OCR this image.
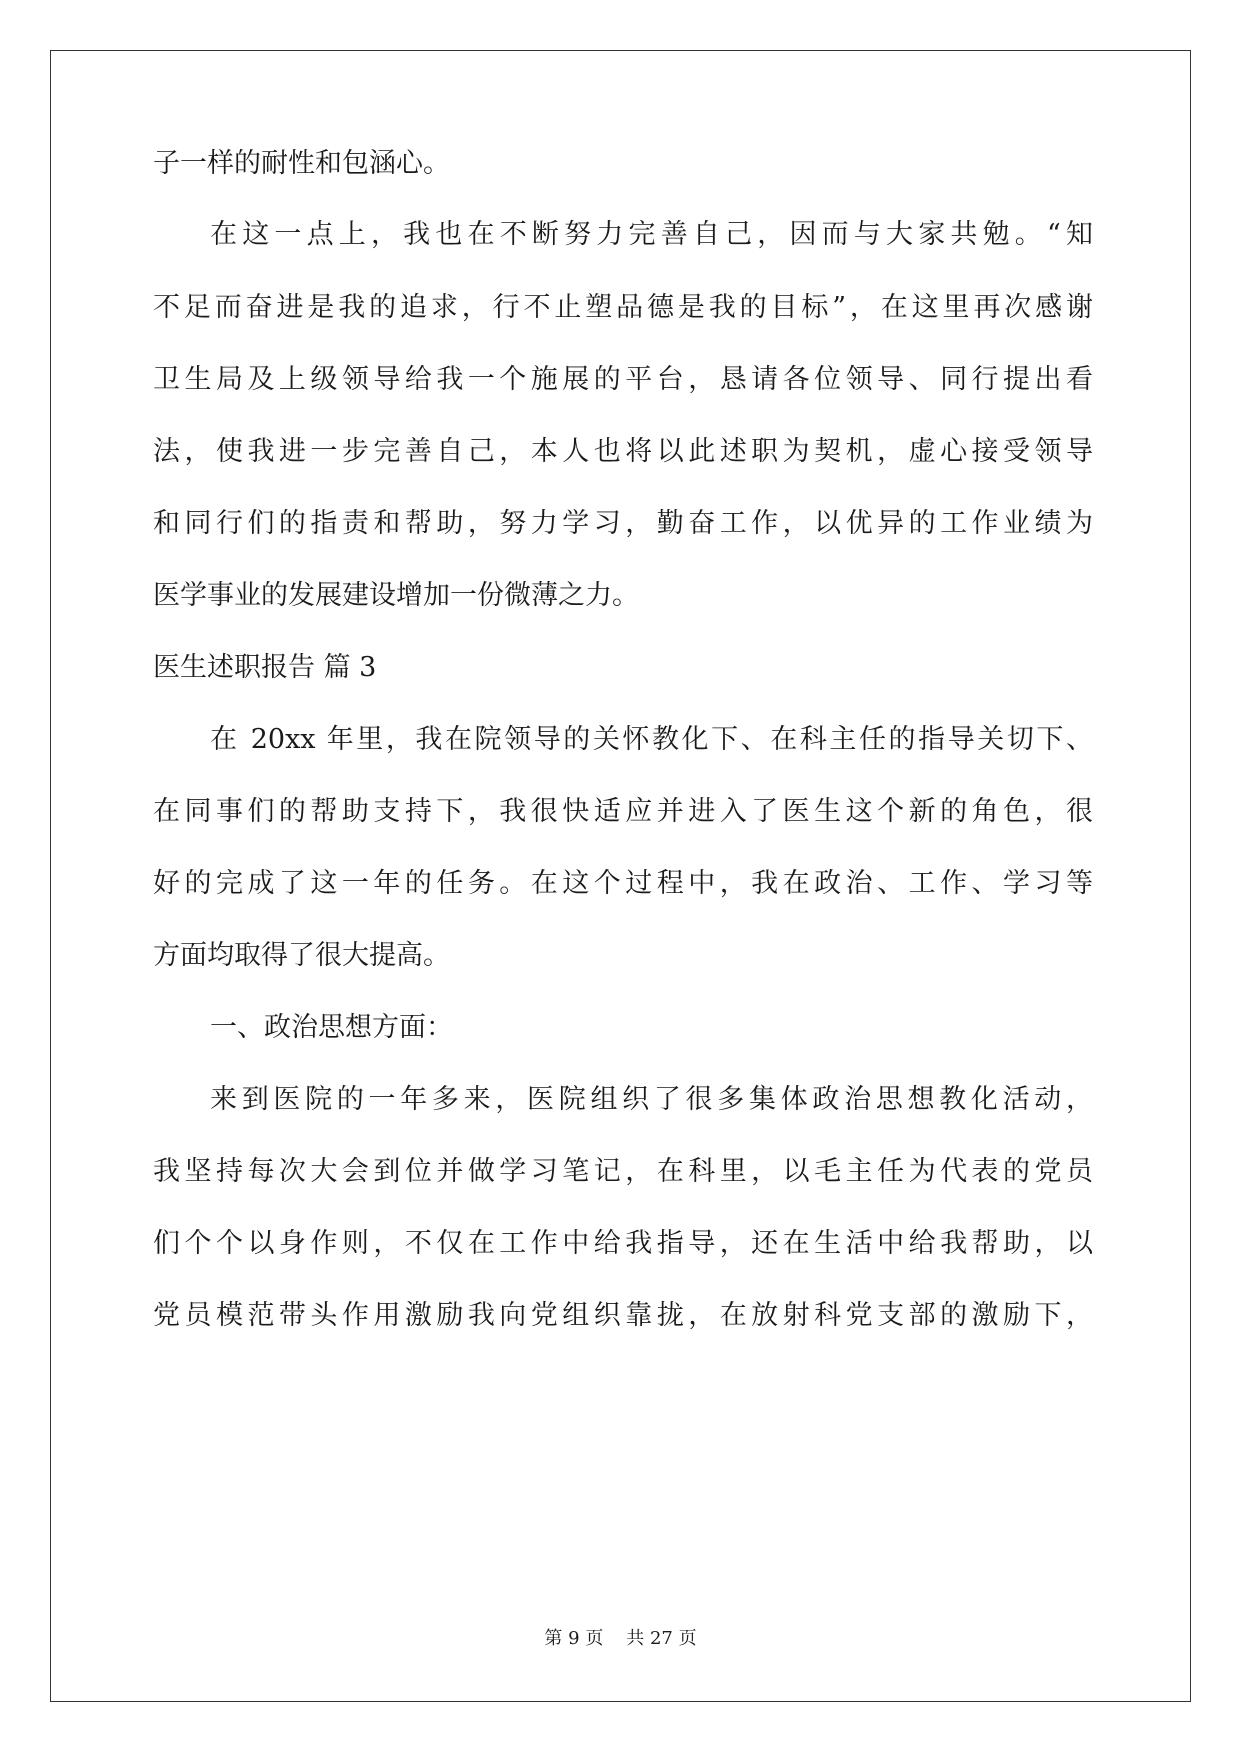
子一样的耐性和包涵心。
在这一点上，我也在不断努力完善自己，因而与大家共勉。“知
不足而奋进是我的追求，行不止塑品德是我的目标”，在这里再次感谢
卫生局及上级领导给我一个施展的平台，恳请各位领导、同行提出看
法，使我进一步完善自己，本人也将以此述职为契机，虚心接受领导
和同行们的指责和帮助，努力学习，勤奋工作，以优异的工作业绩为
医学事业的发展建设增加一份微薄之力。
医生述职报告 篇 3
在 20xx 年里，我在院领导的关怀教化下、在科主任的指导关切下、
在同事们的帮助支持下，我很快适应并进入了医生这个新的角色，很
好的完成了这一年的任务。在这个过程中，我在政治、工作、学习等
方面均取得了很大提高。
一、政治思想方面：
来到医院的一年多来，医院组织了很多集体政治思想教化活动，
我坚持每次大会到位并做学习笔记，在科里，以毛主任为代表的党员
们个个以身作则，不仅在工作中给我指导，还在生活中给我帮助，以
党员模范带头作用激励我向党组织靠拢，在放射科党支部的激励下，
第 9 页 共 27 页
